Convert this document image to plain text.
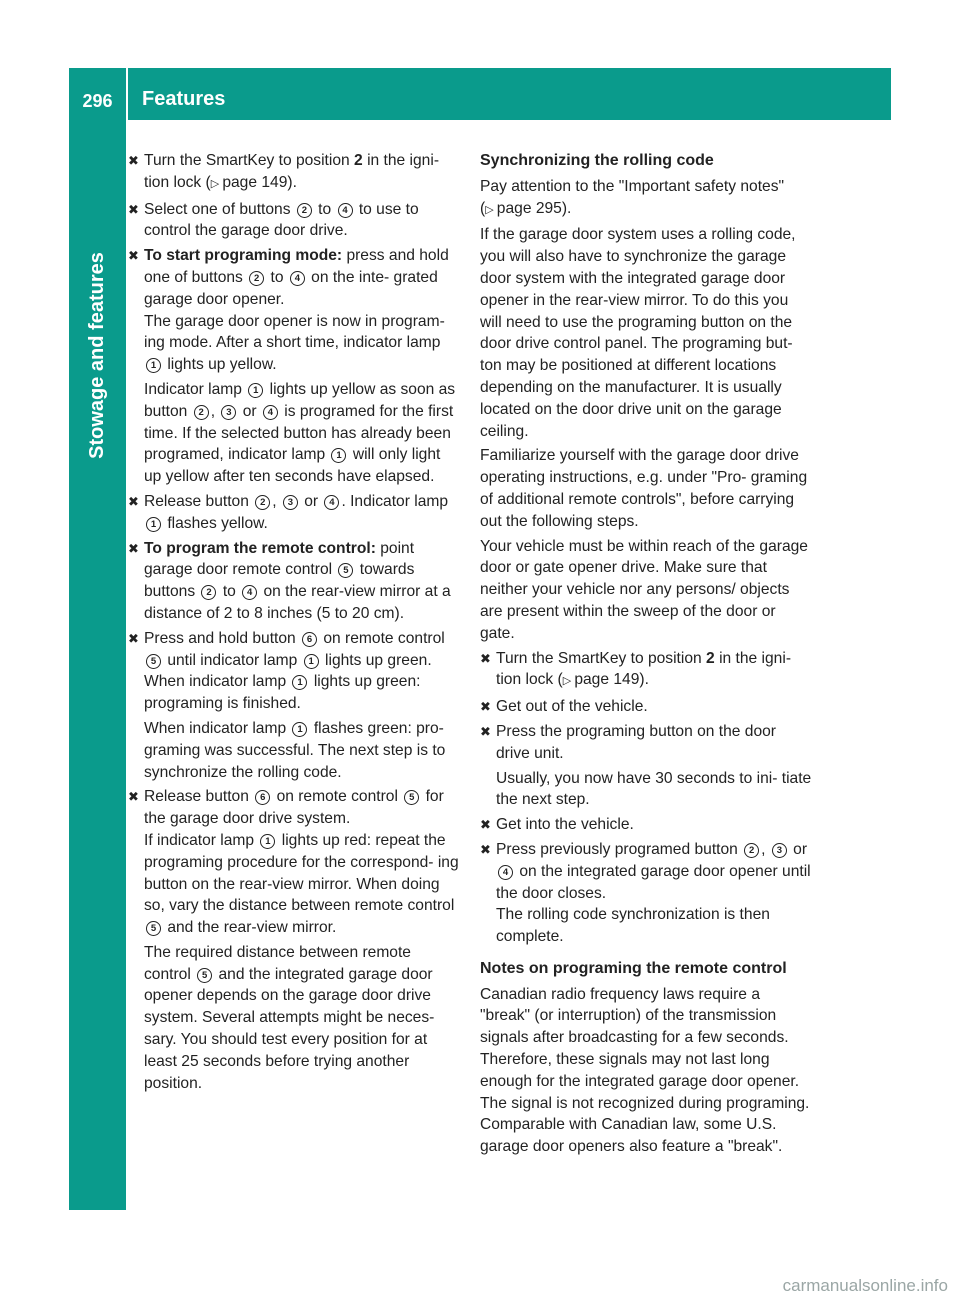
296	Features
Stowage and features
✖ Turn the SmartKey to position 2 in the igni- tion lock (▷  page 149).
✖ Select one of buttons 2 to 4 to use to control the garage door drive.
✖ To start programing mode: press and hold one of buttons 2 to 4 on the inte- grated garage door opener.
The garage door opener is now in program- ing mode. After a short time, indicator lamp 1 lights up yellow.
Indicator lamp 1 lights up yellow as soon as button 2 , 3 or 4 is programed for the first time. If the selected button has already been programed, indicator lamp 1 will only light up yellow after ten seconds have elapsed.
✖ Release button 2 , 3 or 4 . Indicator lamp 1 flashes yellow.
✖ To program the remote control: point garage door remote control 5 towards buttons 2 to 4 on the rear-view mirror at a distance of 2 to 8 inches (5 to 20 cm).
✖ Press and hold button 6 on remote control 5 until indicator lamp 1 lights up green.
When indicator lamp 1 lights up green: programing is finished.
When indicator lamp 1 flashes green: pro- graming was successful. The next step is to synchronize the rolling code.
✖ Release button 6 on remote control 5 for the garage door drive system.
If indicator lamp 1 lights up red: repeat the programing procedure for the correspond- ing button on the rear-view mirror. When doing so, vary the distance between remote control 5 and the rear-view mirror.
The required distance between remote control 5 and the integrated garage door opener depends on the garage door drive system. Several attempts might be neces- sary. You should test every position for at least 25 seconds before trying another position.
Synchronizing the rolling code
Pay attention to the "Important safety notes" (▷  page 295).
If the garage door system uses a rolling code, you will also have to synchronize the garage door system with the integrated garage door opener in the rear-view mirror. To do this you will need to use the programing button on the door drive control panel. The programing but- ton may be positioned at different locations depending on the manufacturer. It is usually located on the door drive unit on the garage ceiling.
Familiarize yourself with the garage door drive operating instructions, e.g. under "Pro- graming of additional remote controls", before carrying out the following steps.
Your vehicle must be within reach of the garage door or gate opener drive. Make sure that neither your vehicle nor any persons/ objects are present within the sweep of the door or gate.
✖ Turn the SmartKey to position 2 in the igni- tion lock (▷  page 149).
✖ Get out of the vehicle.
✖ Press the programing button on the door drive unit.
Usually, you now have 30 seconds to ini- tiate the next step.
✖ Get into the vehicle.
✖ Press previously programed button 2 , 3 or 4 on the integrated garage door opener until the door closes.
The rolling code synchronization is then complete.
Notes on programing the remote control
Canadian radio frequency laws require a "break" (or interruption) of the transmission signals after broadcasting for a few seconds. Therefore, these signals may not last long enough for the integrated garage door opener. The signal is not recognized during programing. Comparable with Canadian law, some U.S. garage door openers also feature a "break".
carmanualsonline.info
